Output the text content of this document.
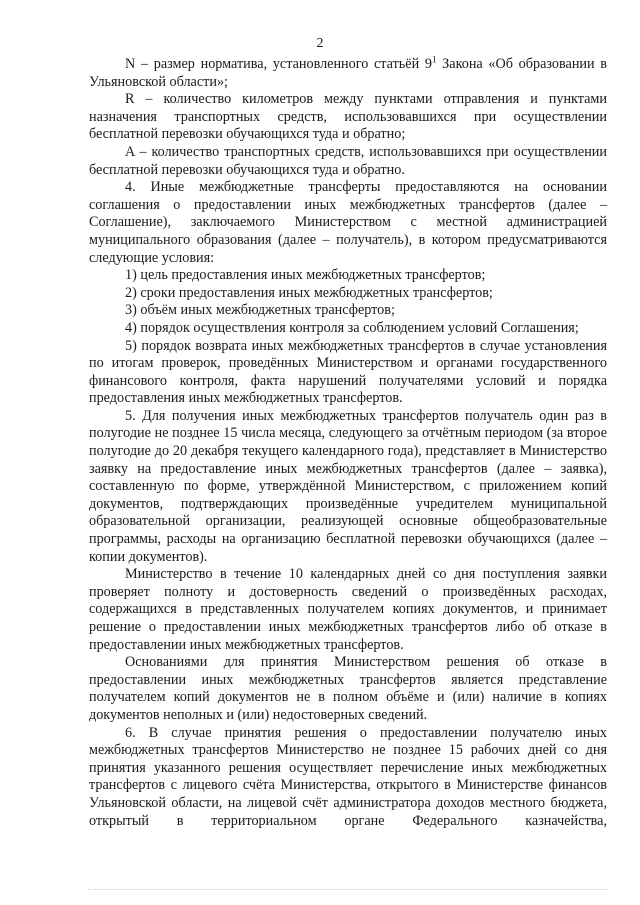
2

N – размер норматива, установленного статьёй $9^1$ Закона «Об образовании в Ульяновской области»;

R – количество километров между пунктами отправления и пунктами назначения транспортных средств, использовавшихся при осуществлении бесплатной перевозки обучающихся туда и обратно;

A – количество транспортных средств, использовавшихся при осуществлении бесплатной перевозки обучающихся туда и обратно.

4. Иные межбюджетные трансферты предоставляются на основании соглашения о предоставлении иных межбюджетных трансфертов (далее – Соглашение), заключаемого Министерством с местной администрацией муниципального образования (далее – получатель), в котором предусматриваются следующие условия:

1) цель предоставления иных межбюджетных трансфертов;

2) сроки предоставления иных межбюджетных трансфертов;

3) объём иных межбюджетных трансфертов;

4) порядок осуществления контроля за соблюдением условий Соглашения;

5) порядок возврата иных межбюджетных трансфертов в случае установления по итогам проверок, проведённых Министерством и органами государственного финансового контроля, факта нарушений получателями условий и порядка предоставления иных межбюджетных трансфертов.

5. Для получения иных межбюджетных трансфертов получатель один раз в полугодие не позднее 15 числа месяца, следующего за отчётным периодом (за второе полугодие до 20 декабря текущего календарного года), представляет в Министерство заявку на предоставление иных межбюджетных трансфертов (далее – заявка), составленную по форме, утверждённой Министерством, с приложением копий документов, подтверждающих произведённые учредителем муниципальной образовательной организации, реализующей основные общеобразовательные программы, расходы на организацию бесплатной перевозки обучающихся (далее – копии документов).

Министерство в течение 10 календарных дней со дня поступления заявки проверяет полноту и достоверность сведений о произведённых расходах, содержащихся в представленных получателем копиях документов, и принимает решение о предоставлении иных межбюджетных трансфертов либо об отказе в предоставлении иных межбюджетных трансфертов.

Основаниями для принятия Министерством решения об отказе в предоставлении иных межбюджетных трансфертов является представление получателем копий документов не в полном объёме и (или) наличие в копиях документов неполных и (или) недостоверных сведений.

6. В случае принятия решения о предоставлении получателю иных межбюджетных трансфертов Министерство не позднее 15 рабочих дней со дня принятия указанного решения осуществляет перечисление иных межбюджетных трансфертов с лицевого счёта Министерства, открытого в Министерстве финансов Ульяновской области, на лицевой счёт администратора доходов местного бюджета, открытый в территориальном органе Федерального казначейства,
